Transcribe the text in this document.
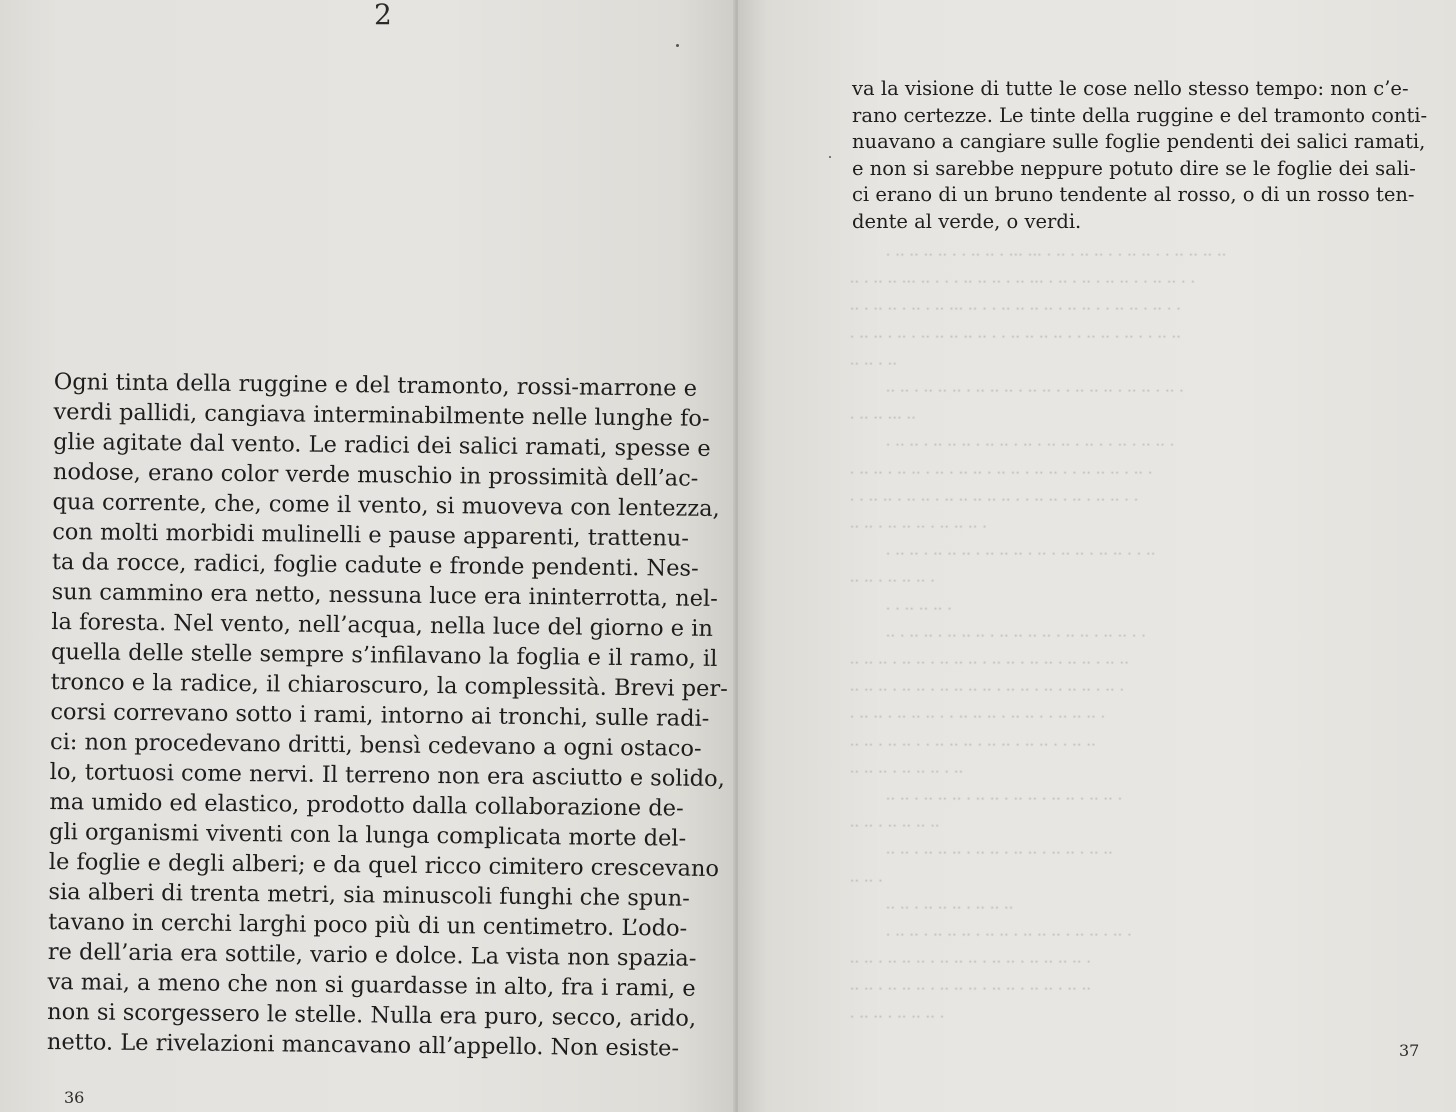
2
Ogni tinta della ruggine e del tramonto, rossi-marrone e
verdi pallidi, cangiava interminabilmente nelle lunghe fo-
glie agitate dal vento. Le radici dei salici ramati, spesse e
nodose, erano color verde muschio in prossimità dell’ac-
qua corrente, che, come il vento, si muoveva con lentezza,
con molti morbidi mulinelli e pause apparenti, trattenu-
ta da rocce, radici, foglie cadute e fronde pendenti. Nes-
sun cammino era netto, nessuna luce era ininterrotta, nel-
la foresta. Nel vento, nell’acqua, nella luce del giorno e in
quella delle stelle sempre s’infilavano la foglia e il ramo, il
tronco e la radice, il chiaroscuro, la complessità. Brevi per-
corsi correvano sotto i rami, intorno ai tronchi, sulle radi-
ci: non procedevano dritti, bensì cedevano a ogni ostaco-
lo, tortuosi come nervi. Il terreno non era asciutto e solido,
ma umido ed elastico, prodotto dalla collaborazione de-
gli organismi viventi con la lunga complicata morte del-
le foglie e degli alberi; e da quel ricco cimitero crescevano
sia alberi di trenta metri, sia minuscoli funghi che spun-
tavano in cerchi larghi poco più di un centimetro. L’odo-
re dell’aria era sottile, vario e dolce. La vista non spazia-
va mai, a meno che non si guardasse in alto, fra i rami, e
non si scorgessero le stelle. Nulla era puro, secco, arido,
netto. Le rivelazioni mancavano all’appello. Non esiste-
36
va la visione di tutte le cose nello stesso tempo: non c’e-
rano certezze. Le tinte della ruggine e del tramonto conti-
nuavano a cangiare sulle foglie pendenti dei salici ramati,
e non si sarebbe neppure potuto dire se le foglie dei sali-
ci erano di un bruno tendente al rosso, o di un rosso ten-
dente al verde, o verdi.
· ·· ·· ·· ·· · · ·· ·· · ··· ··· · ·· · ·· ·· · · ·· ·· · · ·· ·· ·· ··
·· · ·· ·· ··· ·· · · · ·· ·· ·· · ·· ··· · ·· · ·· · ·· ·· · · ·· ·· · ·
·· · ·· ·· · ·· · ·· ··· ·· · · ·· ·· ·· ·· · ·· ·· · · ·· ·· · ·· · ·
· ·· ·· · ·· · ·· ·· ·· ·· ·· · · ·· ·· ·· ·· · · ·· ·· · ·· · · ·· ··
·· ·· · ··
·· ·· · ·· ·· ·· · ·· ·· ·· · ·· ·· · · ·· ·· ·· · ·· ·· · ·· ·
· ·· ·· ··· ··
· ·· ·· · ·· ·· ·· · ·· ·· · ·· · ·· ·· · ·· · · ·· · ·· ·· ·
· ·· ·· · ·· ·· · ·· · ·· ·· · ·· ·· · ·· ·· · · ·· ·· ·· · ·· ·
· · ·· ·· · ·· ·· · ·· ·· ·· ·· ·· · · ·· ·· · ·· · ·· ·· · ·
·· ·· · ·· ·· ·· · ·· ·· ·· ·
· ·· ·· · ·· ·· ·· · ·· ·· ·· · ·· · ·· ·· · ·· ·· · · ··
·· ·· · ·· ·· ·· ·
· · ·· ·· ·· ·
·· · ·· ·· · ·· ·· ·· · ·· ·· ·· ·· · ·· ·· · ·· ·· · ·
·· ·· ·· · ·· ·· · ·· ·· ·· · ·· ·· · ·· ·· · ·· ·· · ·· ··
·· ·· ·· · ·· ·· · ·· ·· ·· ·· · ·· ·· · ·· · ·· ·· · ·· ·
· ·· ·· · ·· ·· ·· · · ·· ·· ·· · ·· ·· · · ·· ·· ·· ·
·· ·· · ·· ·· · · ·· ·· ·· · ·· ·· · ·· ·· · · ·· ··
·· ·· ·· · ·· ·· ·· · ··
·· ·· · ·· ·· ·· · ·· ·· · ·· ·· · ·· ·· · ·· ·· ·
·· ·· · ·· ·· ·· ··
·· ·· · ·· ·· ·· · ·· ·· · ·· ·· · ·· ·· · ·· ··
·· ·· ·
·· ·· · ·· ·· ·· · ·· ·· ··
· ·· ·· · ·· ·· ·· · ·· ·· · ·· ·· ·· · ·· ·· · ·· ·
·· ·· · ·· ·· ·· · ·· ·· ·· · ·· ·· · ·· ·· ·· ·· ·
·· ·· · ·· ·· ·· · ·· ·· ·· · ·· ·· · ·· ·· · ·· ··
· ·· ·· · ·· ·· ·· ·
37
